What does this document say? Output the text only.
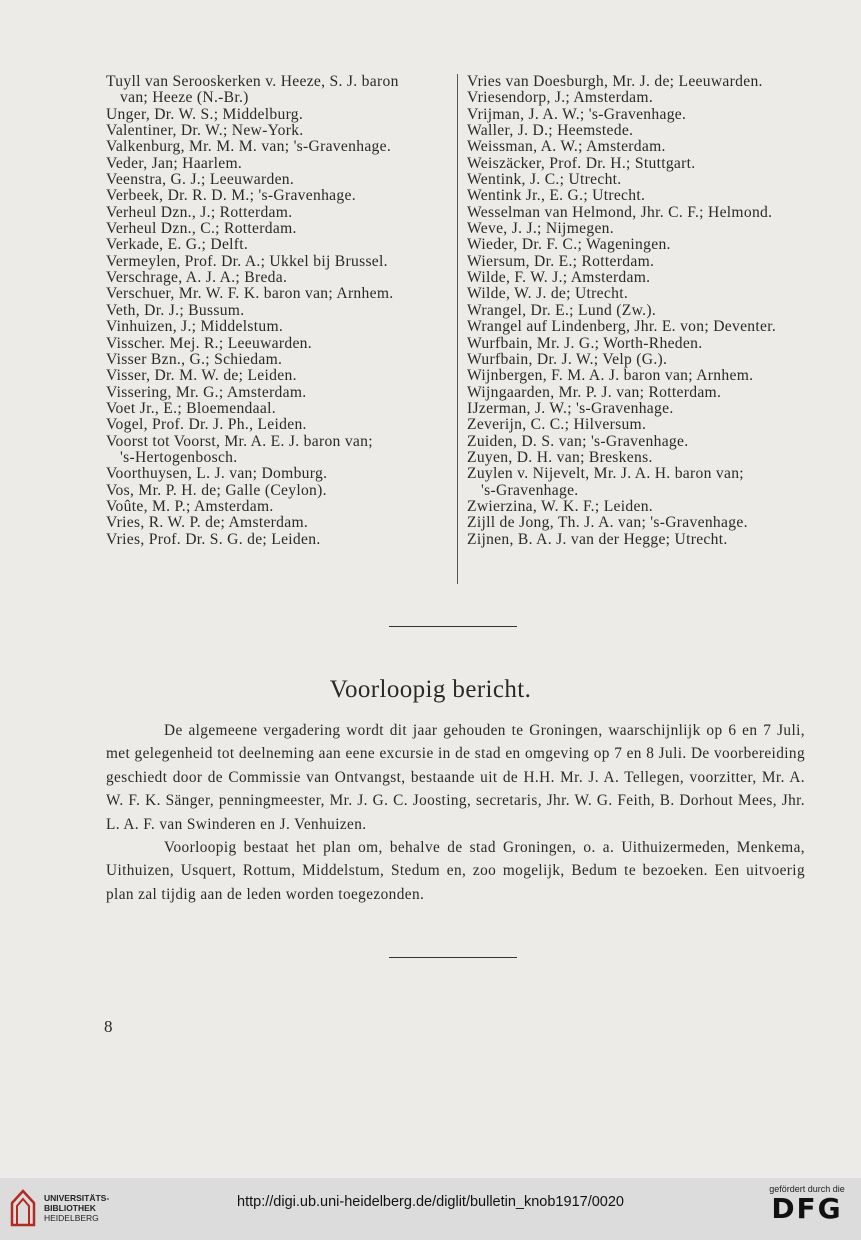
Tuyll van Serooskerken v. Heeze, S. J. baron
van; Heeze (N.-Br.)
Unger, Dr. W. S.; Middelburg.
Valentiner, Dr. W.; New-York.
Valkenburg, Mr. M. M. van; 's-Gravenhage.
Veder, Jan; Haarlem.
Veenstra, G. J.; Leeuwarden.
Verbeek, Dr. R. D. M.; 's-Gravenhage.
Verheul Dzn., J.; Rotterdam.
Verheul Dzn., C.; Rotterdam.
Verkade, E. G.; Delft.
Vermeylen, Prof. Dr. A.; Ukkel bij Brussel.
Verschrage, A. J. A.; Breda.
Verschuer, Mr. W. F. K. baron van; Arnhem.
Veth, Dr. J.; Bussum.
Vinhuizen, J.; Middelstum.
Visscher. Mej. R.; Leeuwarden.
Visser Bzn., G.; Schiedam.
Visser, Dr. M. W. de; Leiden.
Vissering, Mr. G.; Amsterdam.
Voet Jr., E.; Bloemendaal.
Vogel, Prof. Dr. J. Ph., Leiden.
Voorst tot Voorst, Mr. A. E. J. baron van;
's-Hertogenbosch.
Voorthuysen, L. J. van; Domburg.
Vos, Mr. P. H. de; Galle (Ceylon).
Voûte, M. P.; Amsterdam.
Vries, R. W. P. de; Amsterdam.
Vries, Prof. Dr. S. G. de; Leiden.
Vries van Doesburgh, Mr. J. de; Leeuwarden.
Vriesendorp, J.; Amsterdam.
Vrijman, J. A. W.; 's-Gravenhage.
Waller, J. D.; Heemstede.
Weissman, A. W.; Amsterdam.
Weiszäcker, Prof. Dr. H.; Stuttgart.
Wentink, J. C.; Utrecht.
Wentink Jr., E. G.; Utrecht.
Wesselman van Helmond, Jhr. C. F.; Helmond.
Weve, J. J.; Nijmegen.
Wieder, Dr. F. C.; Wageningen.
Wiersum, Dr. E.; Rotterdam.
Wilde, F. W. J.; Amsterdam.
Wilde, W. J. de; Utrecht.
Wrangel, Dr. E.; Lund (Zw.).
Wrangel auf Lindenberg, Jhr. E. von; Deventer.
Wurfbain, Mr. J. G.; Worth-Rheden.
Wurfbain, Dr. J. W.; Velp (G.).
Wijnbergen, F. M. A. J. baron van; Arnhem.
Wijngaarden, Mr. P. J. van; Rotterdam.
IJzerman, J. W.; 's-Gravenhage.
Zeverijn, C. C.; Hilversum.
Zuiden, D. S. van; 's-Gravenhage.
Zuyen, D. H. van; Breskens.
Zuylen v. Nijevelt, Mr. J. A. H. baron van;
's-Gravenhage.
Zwierzina, W. K. F.; Leiden.
Zijll de Jong, Th. J. A. van; 's-Gravenhage.
Zijnen, B. A. J. van der Hegge; Utrecht.
Voorloopig bericht.

De algemeene vergadering wordt dit jaar gehouden te Groningen, waarschijnlijk op 6 en 7 Juli, met gelegenheid tot deelneming aan eene excursie in de stad en omgeving op 7 en 8 Juli. De voorbereiding geschiedt door de Commissie van Ontvangst, bestaande uit de H.H. Mr. J. A. Tellegen, voorzitter, Mr. A. W. F. K. Sänger, penningmeester, Mr. J. G. C. Joosting, secretaris, Jhr. W. G. Feith, B. Dorhout Mees, Jhr. L. A. F. van Swinderen en J. Venhuizen.

Voorloopig bestaat het plan om, behalve de stad Groningen, o. a. Uithuizermeden, Menkema, Uithuizen, Usquert, Rottum, Middelstum, Stedum en, zoo mogelijk, Bedum te bezoeken. Een uitvoerig plan zal tijdig aan de leden worden toegezonden.

8
UNIVERSITÄTS-
BIBLIOTHEK
HEIDELBERG
http://digi.ub.uni-heidelberg.de/diglit/bulletin_knob1917/0020
gefördert durch die
DFG
